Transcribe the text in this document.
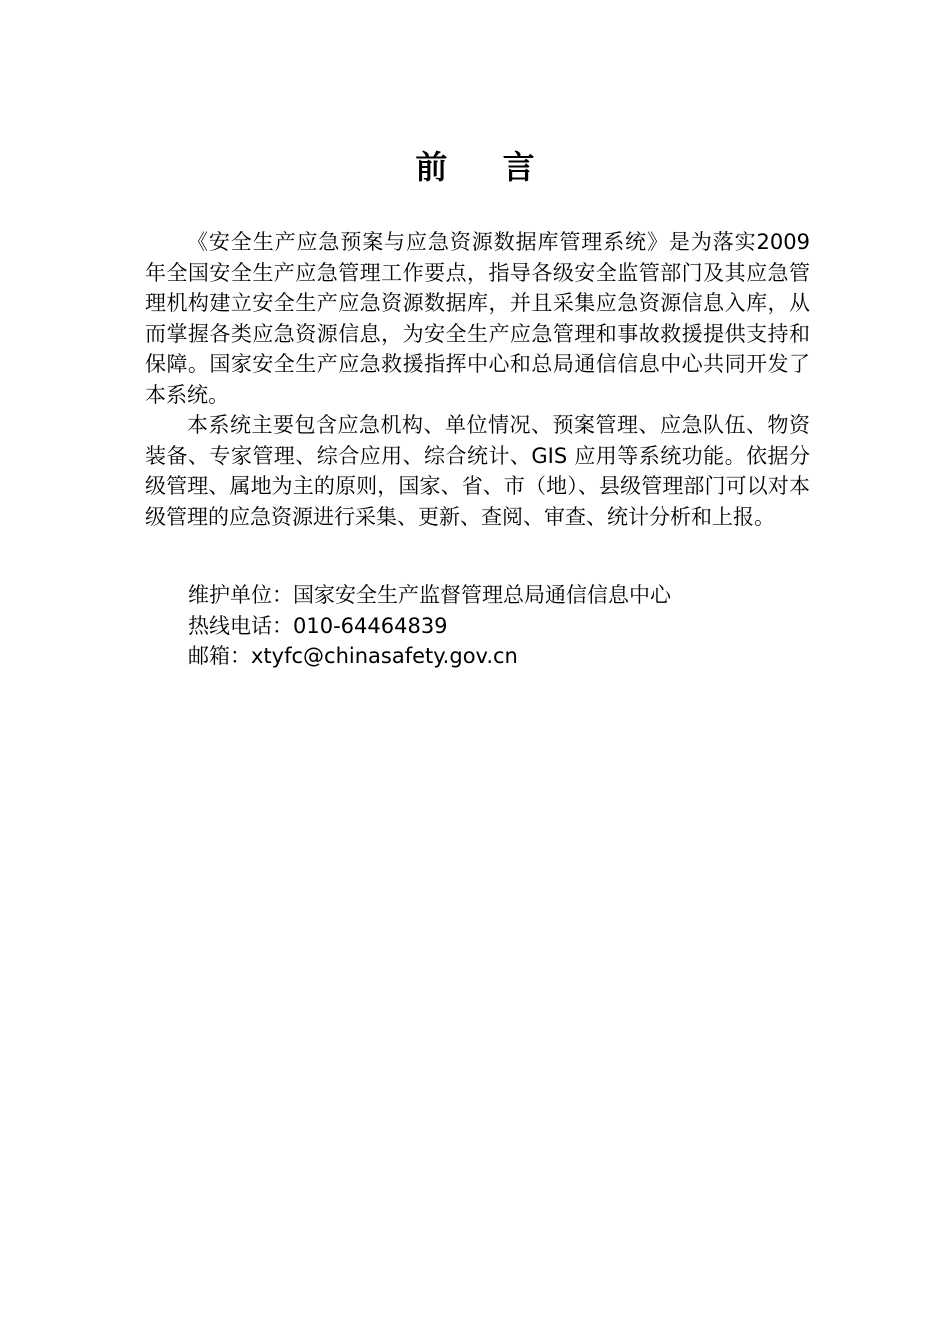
前 言

《安全生产应急预案与应急资源数据库管理系统》是为落实2009 年全国安全生产应急管理工作要点，指导各级安全监管部门及其应急管理机构建立安全生产应急资源数据库，并且采集应急资源信息入库，从而掌握各类应急资源信息，为安全生产应急管理和事故救援提供支持和保障。国家安全生产应急救援指挥中心和总局通信信息中心共同开发了本系统。

本系统主要包含应急机构、单位情况、预案管理、应急队伍、物资装备、专家管理、综合应用、综合统计、GIS 应用等系统功能。依据分级管理、属地为主的原则，国家、省、市（地）、县级管理部门可以对本级管理的应急资源进行采集、更新、查阅、审查、统计分析和上报。

维护单位：国家安全生产监督管理总局通信信息中心
热线电话：010-64464839
邮箱：xtyfc@chinasafety.gov.cn
